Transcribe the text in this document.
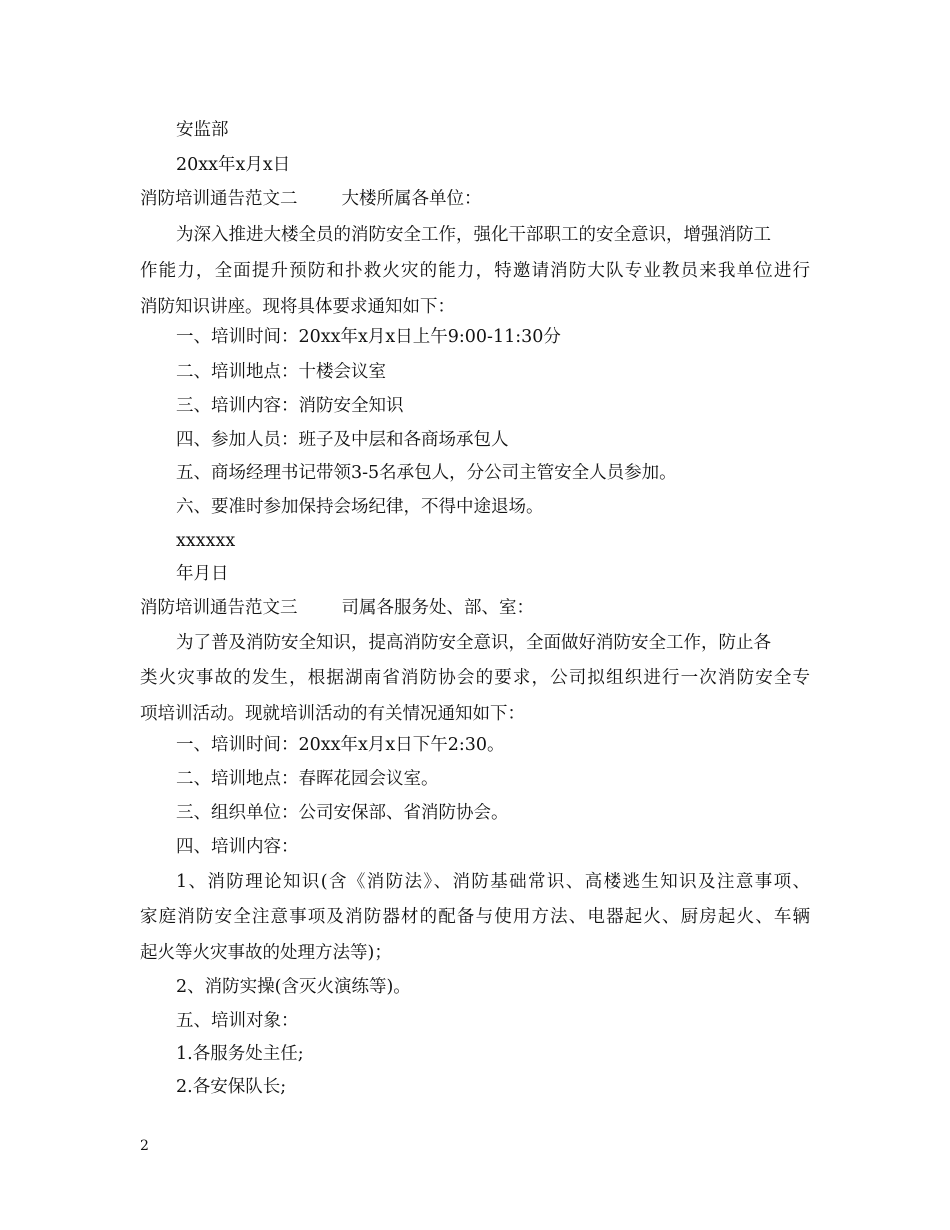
安监部
20xx年x月x日
消防培训通告范文二	大楼所属各单位：
为深入推进大楼全员的消防安全工作，强化干部职工的安全意识，增强消防工
作能力，全面提升预防和扑救火灾的能力，特邀请消防大队专业教员来我单位进行
消防知识讲座。现将具体要求通知如下：
一、培训时间：20xx年x月x日上午9:00-11:30分
二、培训地点：十楼会议室
三、培训内容：消防安全知识
四、参加人员：班子及中层和各商场承包人
五、商场经理书记带领3-5名承包人，分公司主管安全人员参加。
六、要准时参加保持会场纪律，不得中途退场。
xxxxxx
年月日
消防培训通告范文三	司属各服务处、部、室：
为了普及消防安全知识，提高消防安全意识，全面做好消防安全工作，防止各
类火灾事故的发生，根据湖南省消防协会的要求，公司拟组织进行一次消防安全专
项培训活动。现就培训活动的有关情况通知如下：
一、培训时间：20xx年x月x日下午2:30。
二、培训地点：春晖花园会议室。
三、组织单位：公司安保部、省消防协会。
四、培训内容：
1、消防理论知识(含《消防法》、消防基础常识、高楼逃生知识及注意事项、
家庭消防安全注意事项及消防器材的配备与使用方法、电器起火、厨房起火、车辆
起火等火灾事故的处理方法等)；
2、消防实操(含灭火演练等)。
五、培训对象：
1.各服务处主任;
2.各安保队长;
2
